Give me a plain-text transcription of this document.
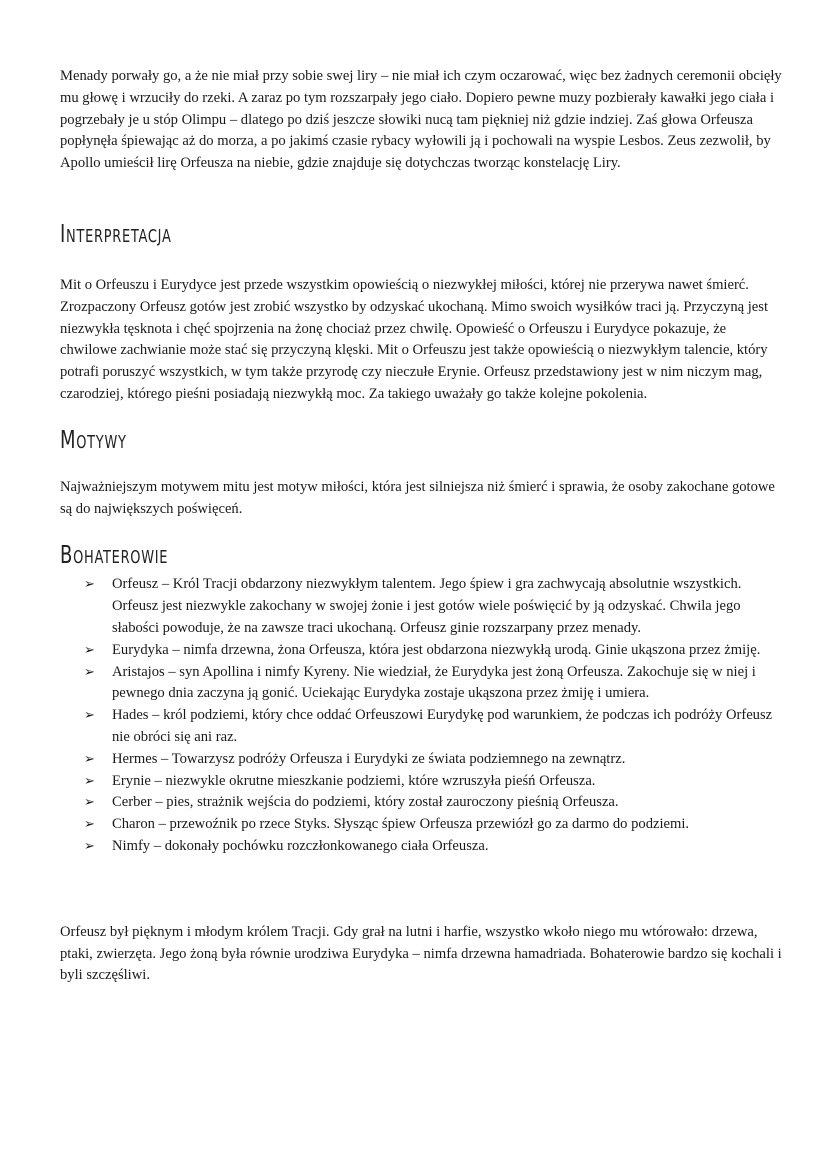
Menady porwały go, a że nie miał przy sobie swej liry – nie miał ich czym oczarować, więc bez żadnych ceremonii obcięły mu głowę i wrzuciły do rzeki. A zaraz po tym rozszarpały jego ciało. Dopiero pewne muzy pozbierały kawałki jego ciała i pogrzebały je u stóp Olimpu – dlatego po dziś jeszcze słowiki nucą tam piękniej niż gdzie indziej. Zaś głowa Orfeusza popłynęła śpiewając aż do morza, a po jakimś czasie rybacy wyłowili ją i pochowali na wyspie Lesbos. Zeus zezwolił, by Apollo umieścił lirę Orfeusza na niebie, gdzie znajduje się dotychczas tworząc konstelację Liry.

Interpretacja

Mit o Orfeuszu i Eurydyce jest przede wszystkim opowieścią o niezwykłej miłości, której nie przerywa nawet śmierć. Zrozpaczony Orfeusz gotów jest zrobić wszystko by odzyskać ukochaną. Mimo swoich wysiłków traci ją. Przyczyną jest niezwykła tęsknota i chęć spojrzenia na żonę chociaż przez chwilę. Opowieść o Orfeuszu i Eurydyce pokazuje, że chwilowe zachwianie może stać się przyczyną klęski. Mit o Orfeuszu jest także opowieścią o niezwykłym talencie, który potrafi poruszyć wszystkich, w tym także przyrodę czy nieczułe Erynie. Orfeusz przedstawiony jest w nim niczym mag, czarodziej, którego pieśni posiadają niezwykłą moc. Za takiego uważały go także kolejne pokolenia.

Motywy

Najważniejszym motywem mitu jest motyw miłości, która jest silniejsza niż śmierć i sprawia, że osoby zakochane gotowe są do największych poświęceń.

Bohaterowie
➢ Orfeusz – Król Tracji obdarzony niezwykłym talentem. Jego śpiew i gra zachwycają absolutnie wszystkich. Orfeusz jest niezwykle zakochany w swojej żonie i jest gotów wiele poświęcić by ją odzyskać. Chwila jego słabości powoduje, że na zawsze traci ukochaną. Orfeusz ginie rozszarpany przez menady.
➢ Eurydyka – nimfa drzewna, żona Orfeusza, która jest obdarzona niezwykłą urodą. Ginie ukąszona przez żmiję.
➢ Aristajos – syn Apollina i nimfy Kyreny. Nie wiedział, że Eurydyka jest żoną Orfeusza. Zakochuje się w niej i pewnego dnia zaczyna ją gonić. Uciekając Eurydyka zostaje ukąszona przez żmiję i umiera.
➢ Hades – król podziemi, który chce oddać Orfeuszowi Eurydykę pod warunkiem, że podczas ich podróży Orfeusz nie obróci się ani raz.
➢ Hermes – Towarzysz podróży Orfeusza i Eurydyki ze świata podziemnego na zewnątrz.
➢ Erynie – niezwykle okrutne mieszkanie podziemi, które wzruszyła pieśń Orfeusza.
➢ Cerber – pies, strażnik wejścia do podziemi, który został zauroczony pieśnią Orfeusza.
➢ Charon – przewoźnik po rzece Styks. Słysząc śpiew Orfeusza przewiózł go za darmo do podziemi.
➢ Nimfy – dokonały pochówku rozczłonkowanego ciała Orfeusza.

Orfeusz był pięknym i młodym królem Tracji. Gdy grał na lutni i harfie, wszystko wkoło niego mu wtórowało: drzewa, ptaki, zwierzęta. Jego żoną była równie urodziwa Eurydyka – nimfa drzewna hamadriada. Bohaterowie bardzo się kochali i byli szczęśliwi.
